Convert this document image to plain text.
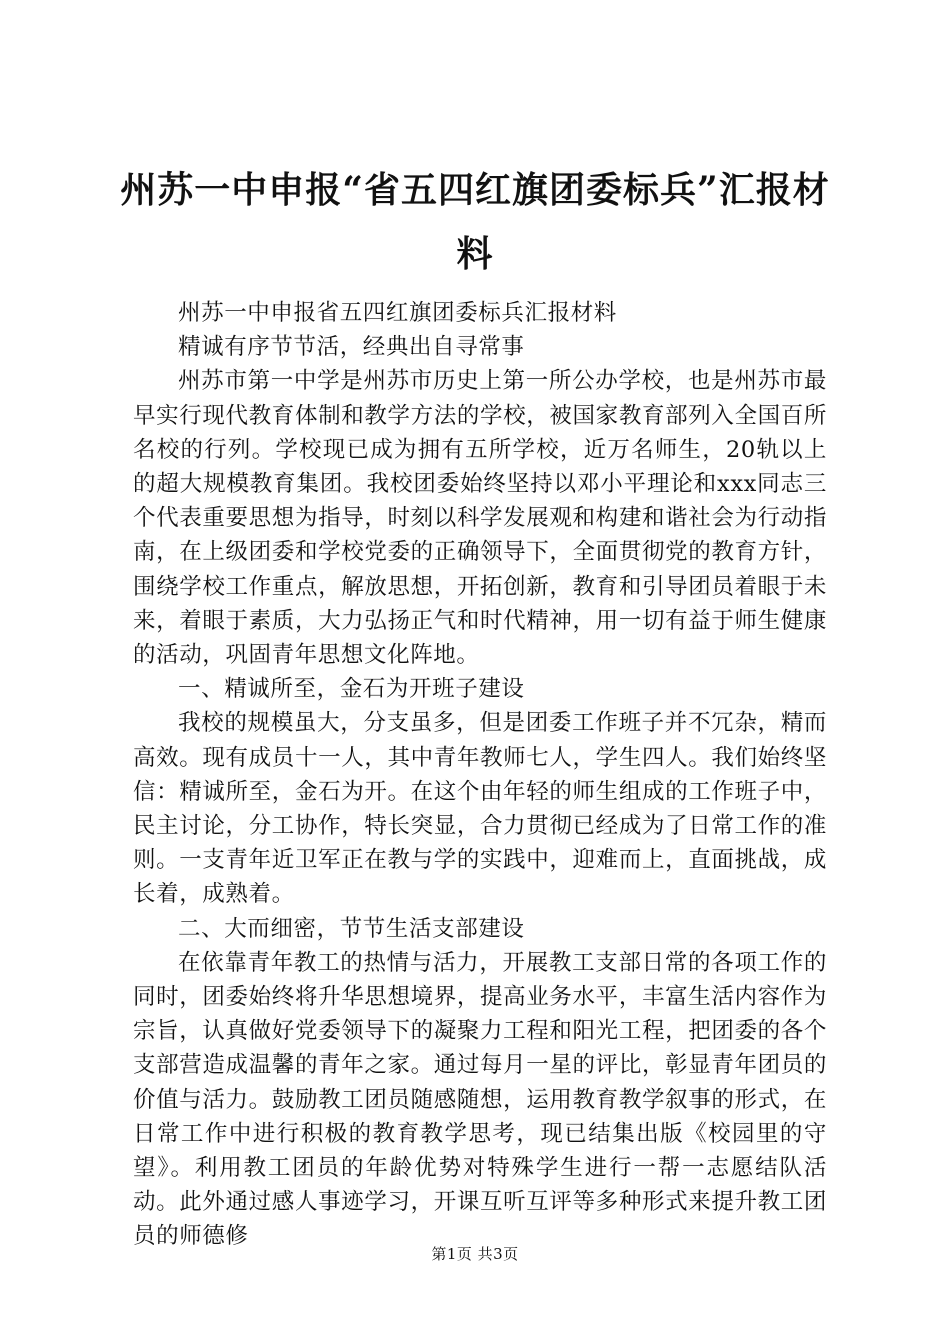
州苏一中申报“省五四红旗团委标兵”汇报材料

州苏一中申报省五四红旗团委标兵汇报材料

精诚有序节节活，经典出自寻常事

州苏市第一中学是州苏市历史上第一所公办学校，也是州苏市最早实行现代教育体制和教学方法的学校，被国家教育部列入全国百所名校的行列。学校现已成为拥有五所学校，近万名师生，20轨以上的超大规模教育集团。我校团委始终坚持以邓小平理论和xxx同志三个代表重要思想为指导，时刻以科学发展观和构建和谐社会为行动指南，在上级团委和学校党委的正确领导下，全面贯彻党的教育方针，围绕学校工作重点，解放思想，开拓创新，教育和引导团员着眼于未来，着眼于素质，大力弘扬正气和时代精神，用一切有益于师生健康的活动，巩固青年思想文化阵地。

一、精诚所至，金石为开班子建设

我校的规模虽大，分支虽多，但是团委工作班子并不冗杂，精而高效。现有成员十一人，其中青年教师七人，学生四人。我们始终坚信：精诚所至，金石为开。在这个由年轻的师生组成的工作班子中，民主讨论，分工协作，特长突显，合力贯彻已经成为了日常工作的准则。一支青年近卫军正在教与学的实践中，迎难而上，直面挑战，成长着，成熟着。

二、大而细密，节节生活支部建设

在依靠青年教工的热情与活力，开展教工支部日常的各项工作的同时，团委始终将升华思想境界，提高业务水平，丰富生活内容作为宗旨，认真做好党委领导下的凝聚力工程和阳光工程，把团委的各个支部营造成温馨的青年之家。通过每月一星的评比，彰显青年团员的价值与活力。鼓励教工团员随感随想，运用教育教学叙事的形式，在日常工作中进行积极的教育教学思考，现已结集出版《校园里的守望》。利用教工团员的年龄优势对特殊学生进行一帮一志愿结队活动。此外通过感人事迹学习，开课互听互评等多种形式来提升教工团员的师德修

第1页 共3页
